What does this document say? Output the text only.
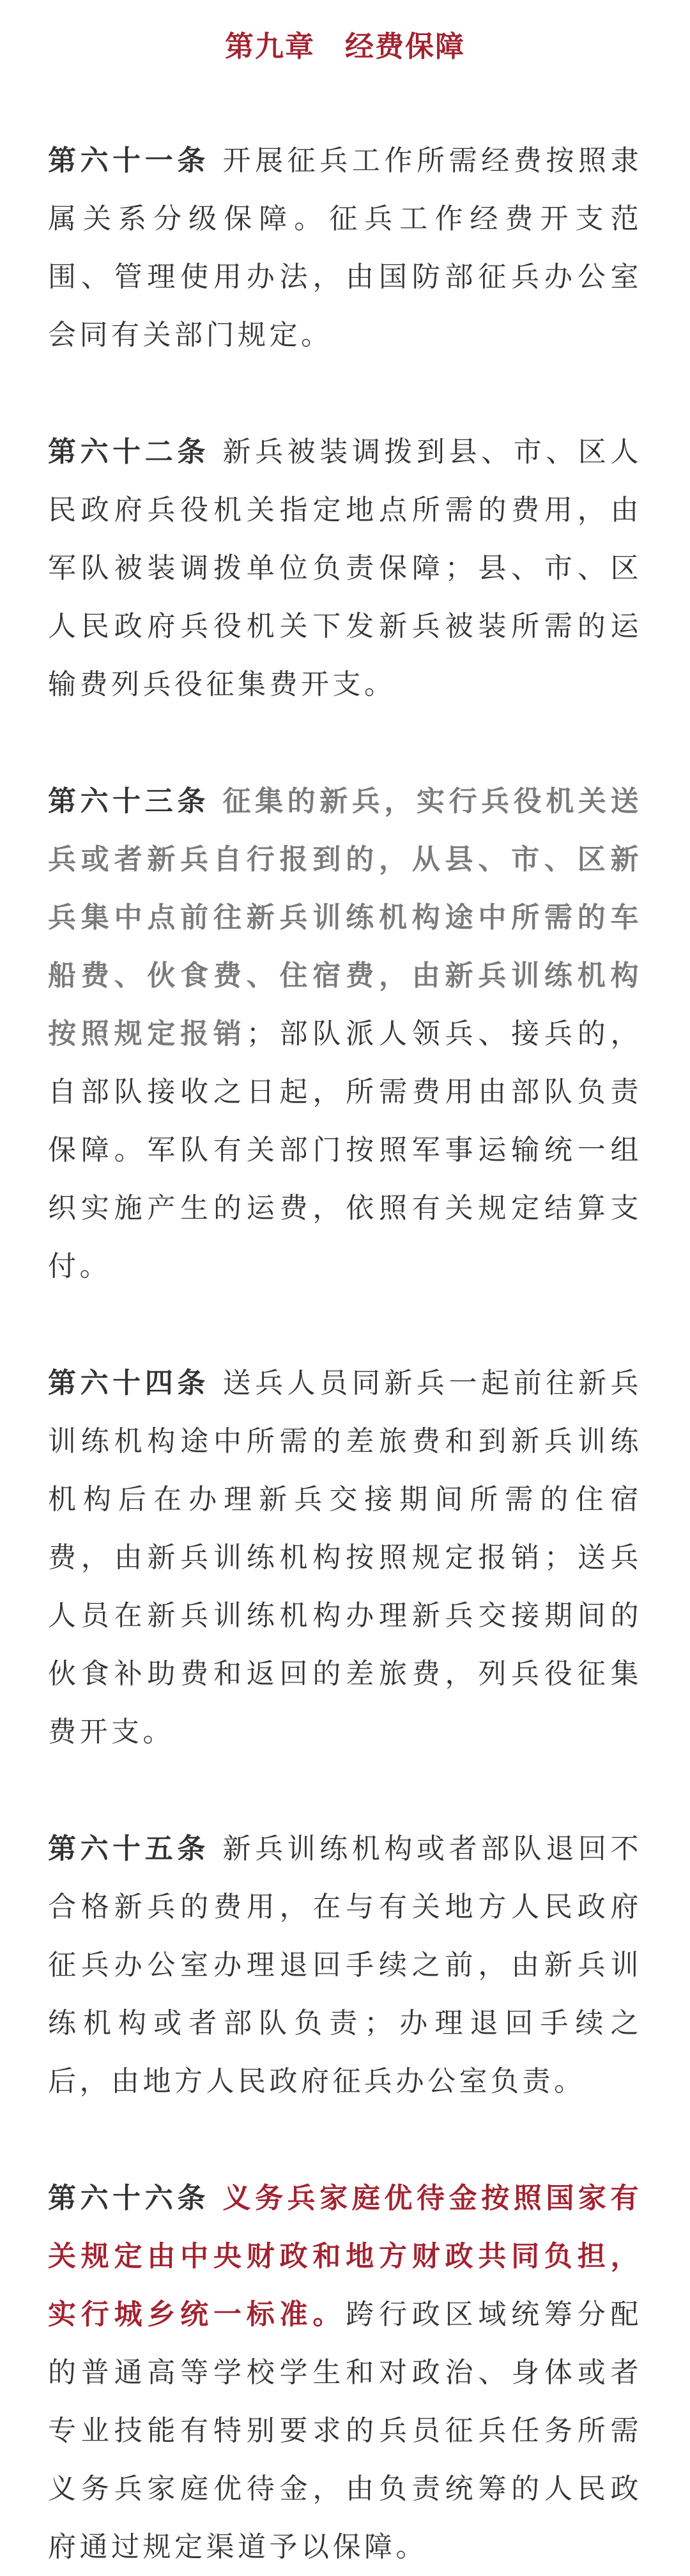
第九章　经费保障

第六十一条 开展征兵工作所需经费按照隶属关系分级保障。征兵工作经费开支范围、管理使用办法，由国防部征兵办公室会同有关部门规定。

第六十二条 新兵被装调拨到县、市、区人民政府兵役机关指定地点所需的费用，由军队被装调拨单位负责保障；县、市、区人民政府兵役机关下发新兵被装所需的运输费列兵役征集费开支。

第六十三条 征集的新兵，实行兵役机关送兵或者新兵自行报到的，从县、市、区新兵集中点前往新兵训练机构途中所需的车船费、伙食费、住宿费，由新兵训练机构按照规定报销；部队派人领兵、接兵的，自部队接收之日起，所需费用由部队负责保障。军队有关部门按照军事运输统一组织实施产生的运费，依照有关规定结算支付。

第六十四条 送兵人员同新兵一起前往新兵训练机构途中所需的差旅费和到新兵训练机构后在办理新兵交接期间所需的住宿费，由新兵训练机构按照规定报销；送兵人员在新兵训练机构办理新兵交接期间的伙食补助费和返回的差旅费，列兵役征集费开支。

第六十五条 新兵训练机构或者部队退回不合格新兵的费用，在与有关地方人民政府征兵办公室办理退回手续之前，由新兵训练机构或者部队负责；办理退回手续之后，由地方人民政府征兵办公室负责。

第六十六条 义务兵家庭优待金按照国家有关规定由中央财政和地方财政共同负担，实行城乡统一标准。跨行政区域统筹分配的普通高等学校学生和对政治、身体或者专业技能有特别要求的兵员征兵任务所需义务兵家庭优待金，由负责统筹的人民政府通过规定渠道予以保障。
